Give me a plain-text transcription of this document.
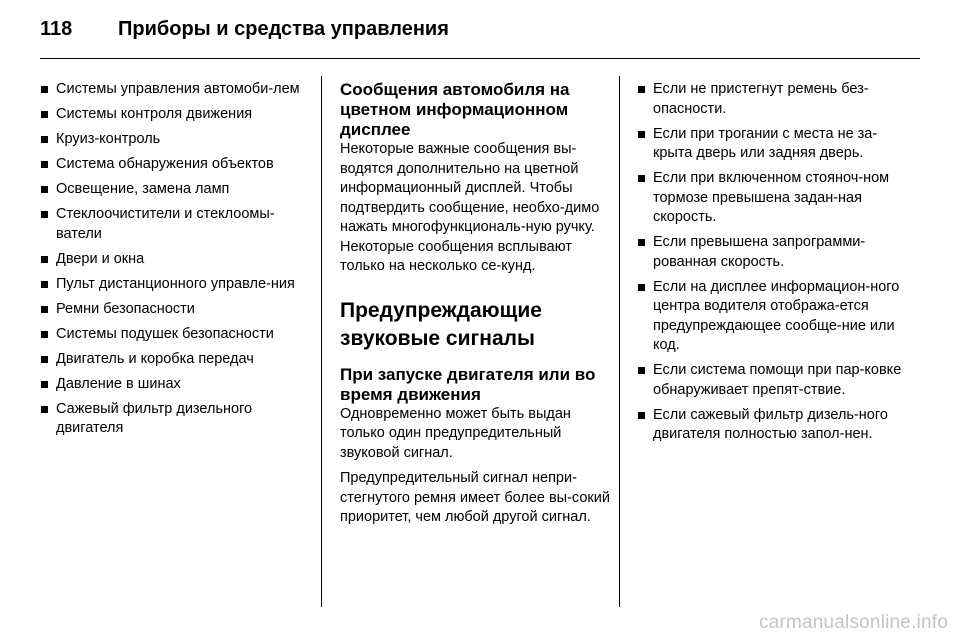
118 Приборы и средства управления
Системы управления автомоби-лем
Системы контроля движения
Круиз-контроль
Система обнаружения объектов
Освещение, замена ламп
Стеклоочистители и стеклоомы-ватели
Двери и окна
Пульт дистанционного управле-ния
Ремни безопасности
Системы подушек безопасности
Двигатель и коробка передач
Давление в шинах
Сажевый фильтр дизельного двигателя
Сообщения автомобиля на цветном информационном дисплее

Некоторые важные сообщения вы-водятся дополнительно на цветной информационный дисплей. Чтобы подтвердить сообщение, необхо-димо нажать многофункциональ-ную ручку. Некоторые сообщения всплывают только на несколько се-кунд.

Предупреждающие звуковые сигналы
При запуске двигателя или во время движения

Одновременно может быть выдан только один предупредительный звуковой сигнал.

Предупредительный сигнал непри-стегнутого ремня имеет более вы-сокий приоритет, чем любой другой сигнал.

Если не пристегнут ремень без-опасности.
Если при трогании с места не за-крыта дверь или задняя дверь.
Если при включенном стояноч-ном тормозе превышена задан-ная скорость.
Если превышена запрограмми-рованная скорость.
Если на дисплее информацион-ного центра водителя отобража-ется предупреждающее сообще-ние или код.
Если система помощи при пар-ковке обнаруживает препят-ствие.
Если сажевый фильтр дизель-ного двигателя полностью запол-нен.
carmanualsonline.info
